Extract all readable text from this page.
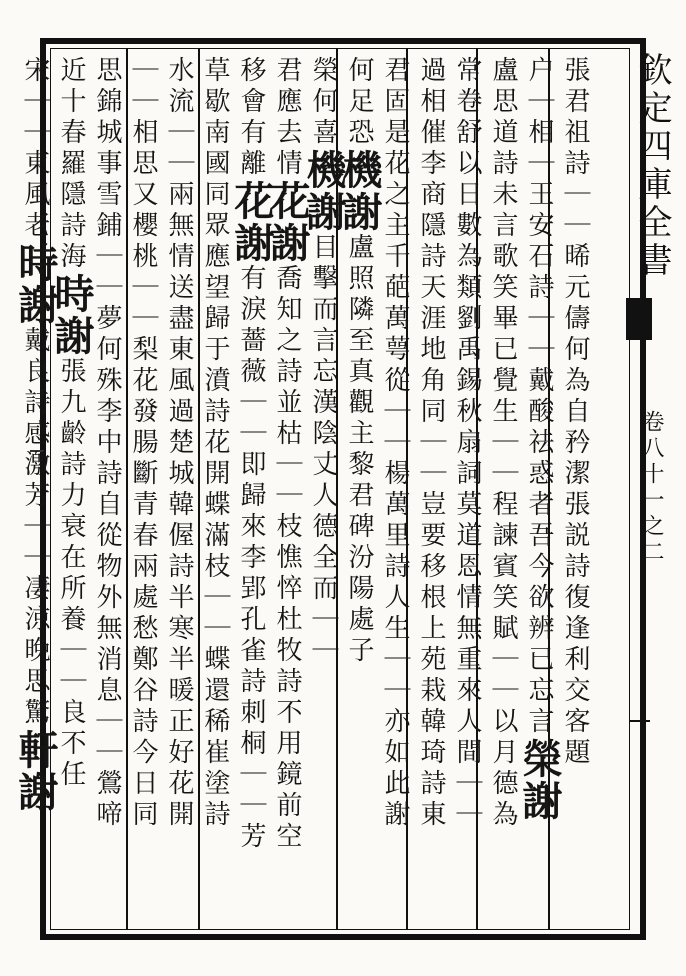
欽定四庫全書
卷八十一之二
張君祖詩｜｜晞元儔何為自矜潔張説詩復逢利交客題
户｜相｜王安石詩｜｜戴酸祛惑者吾今欲辨已忘言榮謝
盧思道詩未言歌笑畢已覺生｜｜程諫賓笑賦｜｜以月德為
常卷舒以日數為類劉禹錫秋扇詞莫道恩情無重來人間｜｜
過相催李商隱詩天涯地角同｜｜豈要移根上苑栽韓琦詩東
君固是花之主千葩萬萼從｜｜楊萬里詩人生｜｜亦如此謝
何足恐機謝盧照隣至真觀主黎君碑汾陽處子
榮何喜機謝目擊而言忘漢陰丈人德全而｜｜
君應去情花謝喬知之詩並枯｜｜枝憔悴杜牧詩不用鏡前空
移會有離花謝有淚薔薇｜｜即歸來李郢孔雀詩刺桐｜｜芳
草歇南國同眾應望歸于濆詩花開蝶滿枝｜｜蝶還稀崔塗詩
水流｜｜兩無情送盡東風過楚城韓偓詩半寒半暖正好花開
｜｜相思又櫻桃｜｜梨花發腸斷青春兩處愁鄭谷詩今日同
思錦城事雪鋪｜｜夢何殊李中詩自從物外無消息｜｜鶯啼
近十春羅隱詩海時謝張九齡詩力衰在所養｜｜良不任
宋｜｜東風老時謝戴良詩感激芳｜｜凄涼晚思驚軒謝
